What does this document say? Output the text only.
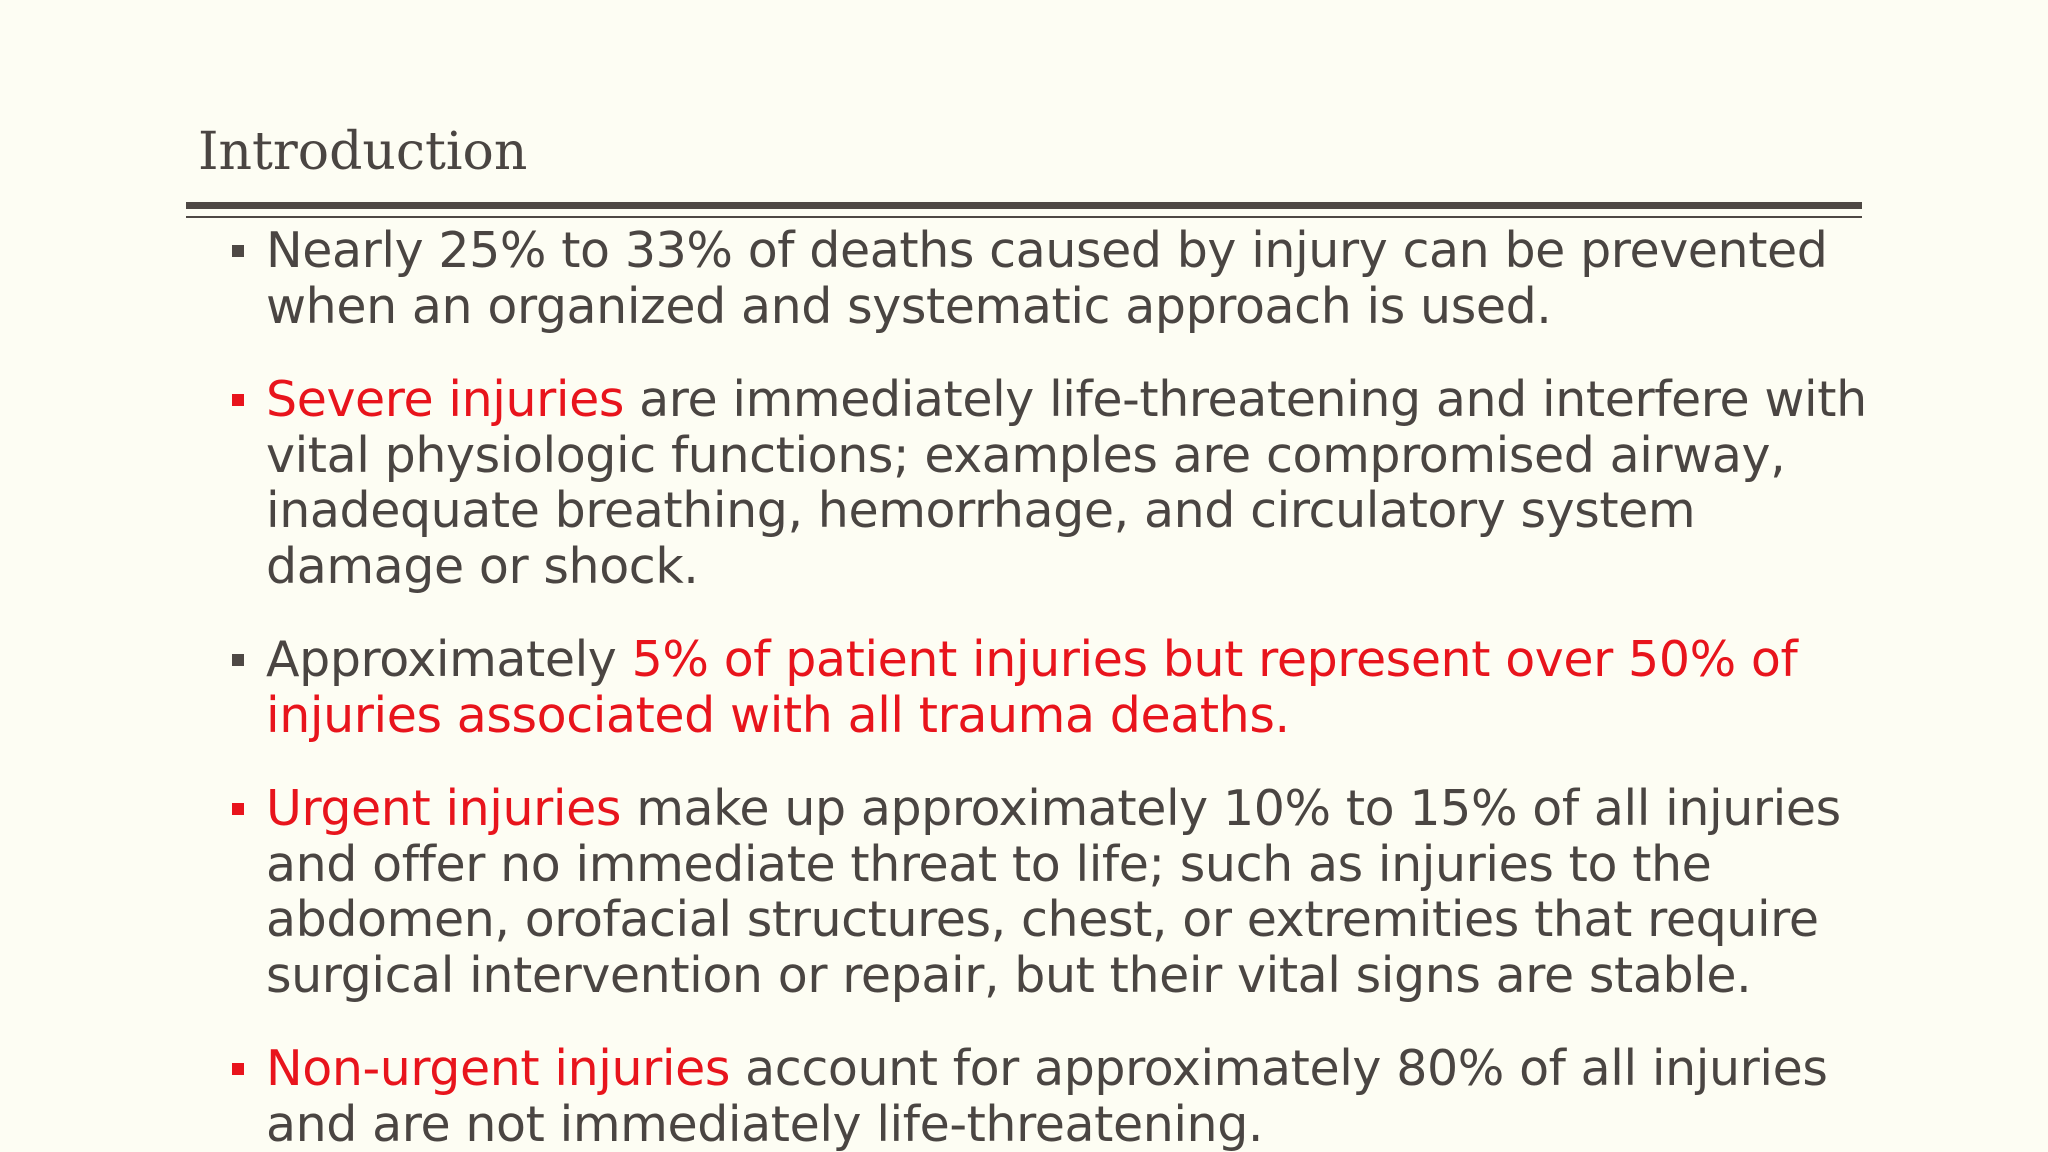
Introduction
Nearly 25% to 33% of deaths caused by injury can be prevented when an organized and systematic approach is used.
Severe injuries are immediately life-threatening and interfere with vital physiologic functions; examples are compromised airway, inadequate breathing, hemorrhage, and circulatory system damage or shock.
Approximately 5% of patient injuries but represent over 50% of injuries associated with all trauma deaths.
Urgent injuries make up approximately 10% to 15% of all injuries and offer no immediate threat to life; such as injuries to the abdomen, orofacial structures, chest, or extremities that require surgical intervention or repair, but their vital signs are stable.
Non-urgent injuries account for approximately 80% of all injuries and are not immediately life-threatening.
